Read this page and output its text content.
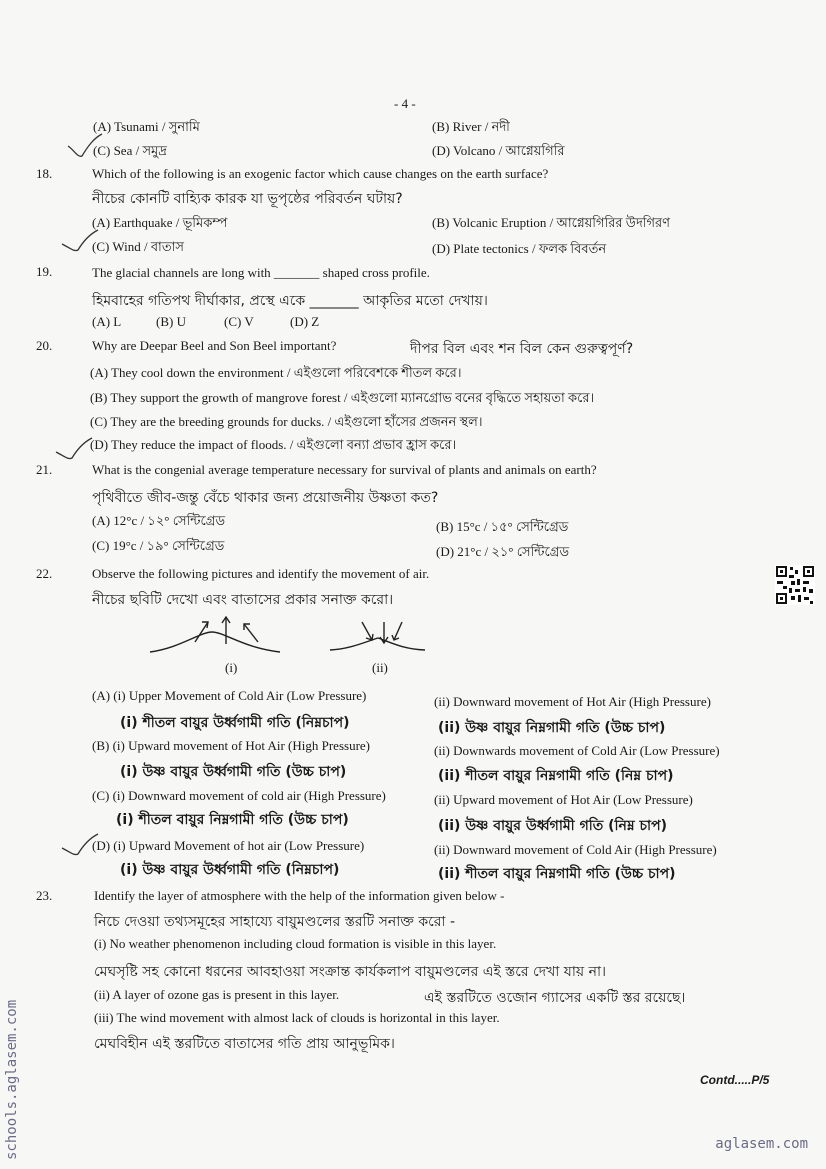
- 4 -
(A) Tsunami / সুনামি	(B) River / নদী
(C) Sea / সমুদ্র	(D) Volcano / আগ্নেয়গিরি
18.	Which of the following is an exogenic factor which cause changes on the earth surface?
নীচের কোনটি বাহ্যিক কারক যা ভূপৃষ্ঠের পরিবর্তন ঘটায়?
(A) Earthquake / ভূমিকম্প	(B) Volcanic Eruption / আগ্নেয়গিরির উদগিরণ
(C) Wind / বাতাস	(D) Plate tectonics / ফলক বিবর্তন
19.	The glacial channels are long with _______ shaped cross profile.
হিমবাহের গতিপথ দীর্ঘাকার, প্রস্থে একে _______ আকৃতির মতো দেখায়।
(A) L	(B) U	(C) V	(D) Z
20.	Why are Deepar Beel and Son Beel important?	দীপর বিল এবং শন বিল কেন গুরুত্বপূর্ণ?
(A) They cool down the environment / এইগুলো পরিবেশকে শীতল করে।
(B) They support the growth of mangrove forest / এইগুলো ম্যানগ্রোভ বনের বৃদ্ধিতে সহায়তা করে।
(C) They are the breeding grounds for ducks. / এইগুলো হাঁসের প্রজনন স্থল।
(D) They reduce the impact of floods. / এইগুলো বন্যা প্রভাব হ্রাস করে।
21.	What is the congenial average temperature necessary for survival of plants and animals on earth?
পৃথিবীতে জীব-জন্তু বেঁচে থাকার জন্য প্রয়োজনীয় উষ্ণতা কত?
(A) 12°c / ১২° সেন্টিগ্রেড	(B) 15°c / ১৫° সেন্টিগ্রেড
(C) 19°c / ১৯° সেন্টিগ্রেড	(D) 21°c / ২১° সেন্টিগ্রেড
22.	Observe the following pictures and identify the movement of air.
নীচের ছবিটি দেখো এবং বাতাসের প্রকার সনাক্ত করো।
(i)	(ii)
(A) (i) Upper Movement of Cold Air (Low Pressure)	(ii) Downward movement of Hot Air (High Pressure)
(i) শীতল বায়ুর উর্ধ্বগামী গতি (নিম্নচাপ)	(ii) উষ্ণ বায়ুর নিম্নগামী গতি (উচ্চ চাপ)
(B) (i) Upward movement of Hot Air (High Pressure)	(ii) Downwards movement of Cold Air (Low Pressure)
(i) উষ্ণ বায়ুর উর্ধ্বগামী গতি (উচ্চ চাপ)	(ii) শীতল বায়ুর নিম্নগামী গতি (নিম্ন চাপ)
(C) (i) Downward movement of cold air (High Pressure)	(ii) Upward movement of Hot Air (Low Pressure)
(i) শীতল বায়ুর নিম্নগামী গতি (উচ্চ চাপ)	(ii) উষ্ণ বায়ুর উর্ধ্বগামী গতি (নিম্ন চাপ)
(D) (i) Upward Movement of hot air (Low Pressure)	(ii) Downward movement of Cold Air (High Pressure)
(i) উষ্ণ বায়ুর উর্ধ্বগামী গতি (নিম্নচাপ)	(ii) শীতল বায়ুর নিম্নগামী গতি (উচ্চ চাপ)
23.	Identify the layer of atmosphere with the help of the information given below -
নিচে দেওয়া তথ্যসমূহের সাহায্যে বায়ুমণ্ডলের স্তরটি সনাক্ত করো -
(i) No weather phenomenon including cloud formation is visible in this layer.
মেঘসৃষ্টি সহ কোনো ধরনের আবহাওয়া সংক্রান্ত কার্যকলাপ বায়ুমণ্ডলের এই স্তরে দেখা যায় না।
(ii) A layer of ozone gas is present in this layer.	এই স্তরটিতে ওজোন গ্যাসের একটি স্তর রয়েছে।
(iii) The wind movement with almost lack of clouds is horizontal in this layer.
মেঘবিহীন এই স্তরটিতে বাতাসের গতি প্রায় আনুভূমিক।
Contd.....P/5
schools.aglasem.com	aglasem.com
